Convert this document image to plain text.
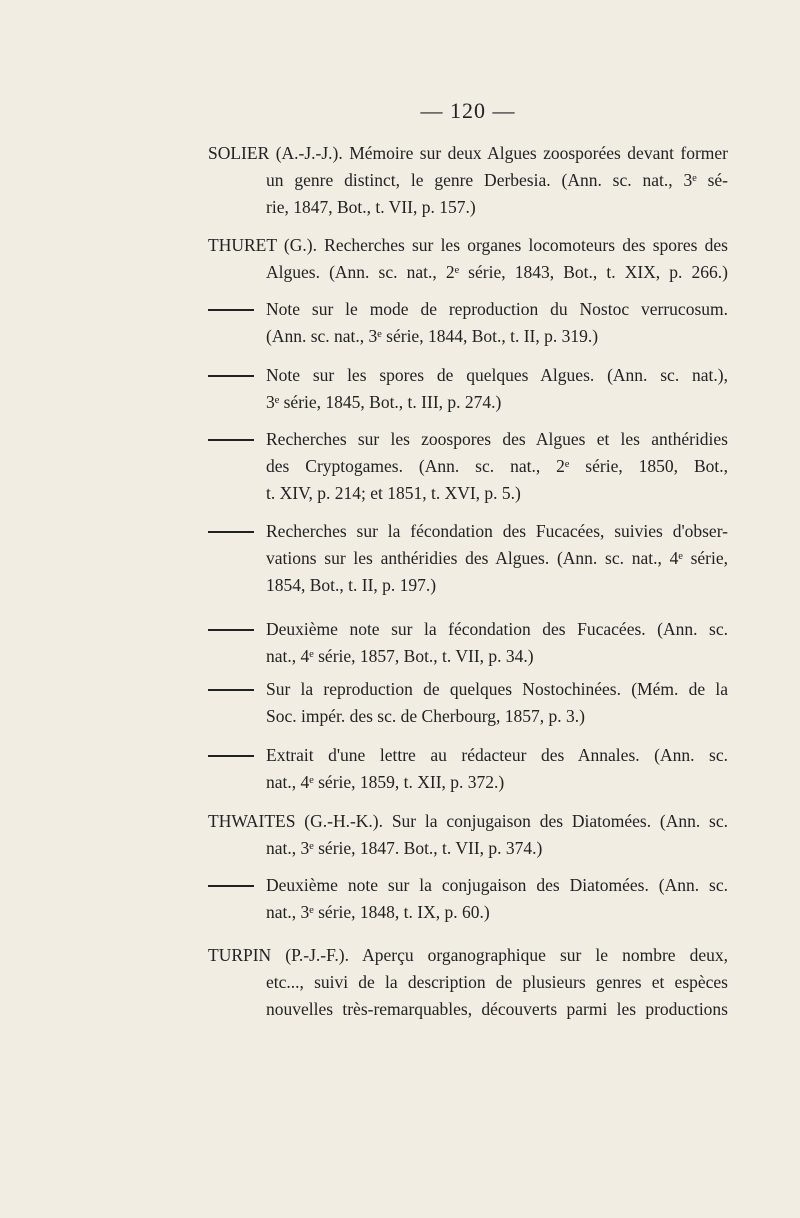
— 120 —
SOLIER (A.-J.-J.). Mémoire sur deux Algues zoosporées devant former
un genre distinct, le genre Derbesia. (Ann. sc. nat., 3ᵉ sé-
rie, 1847, Bot., t. VII, p. 157.)
THURET (G.). Recherches sur les organes locomoteurs des spores des
Algues. (Ann. sc. nat., 2ᵉ série, 1843, Bot., t. XIX, p. 266.)
Note sur le mode de reproduction du Nostoc verrucosum.
(Ann. sc. nat., 3ᵉ série, 1844, Bot., t. II, p. 319.)
Note sur les spores de quelques Algues. (Ann. sc. nat.),
3ᵉ série, 1845, Bot., t. III, p. 274.)
Recherches sur les zoospores des Algues et les anthéridies
des Cryptogames. (Ann. sc. nat., 2ᵉ série, 1850, Bot.,
t. XIV, p. 214; et 1851, t. XVI, p. 5.)
Recherches sur la fécondation des Fucacées, suivies d'obser-
vations sur les anthéridies des Algues. (Ann. sc. nat., 4ᵉ série,
1854, Bot., t. II, p. 197.)
Deuxième note sur la fécondation des Fucacées. (Ann. sc.
nat., 4ᵉ série, 1857, Bot., t. VII, p. 34.)
Sur la reproduction de quelques Nostochinées. (Mém. de la
Soc. impér. des sc. de Cherbourg, 1857, p. 3.)
Extrait d'une lettre au rédacteur des Annales. (Ann. sc.
nat., 4ᵉ série, 1859, t. XII, p. 372.)
THWAITES (G.-H.-K.). Sur la conjugaison des Diatomées. (Ann. sc.
nat., 3ᵉ série, 1847. Bot., t. VII, p. 374.)
Deuxième note sur la conjugaison des Diatomées. (Ann. sc.
nat., 3ᵉ série, 1848, t. IX, p. 60.)
TURPIN (P.-J.-F.). Aperçu organographique sur le nombre deux,
etc..., suivi de la description de plusieurs genres et espèces
nouvelles très-remarquables, découverts parmi les productions
